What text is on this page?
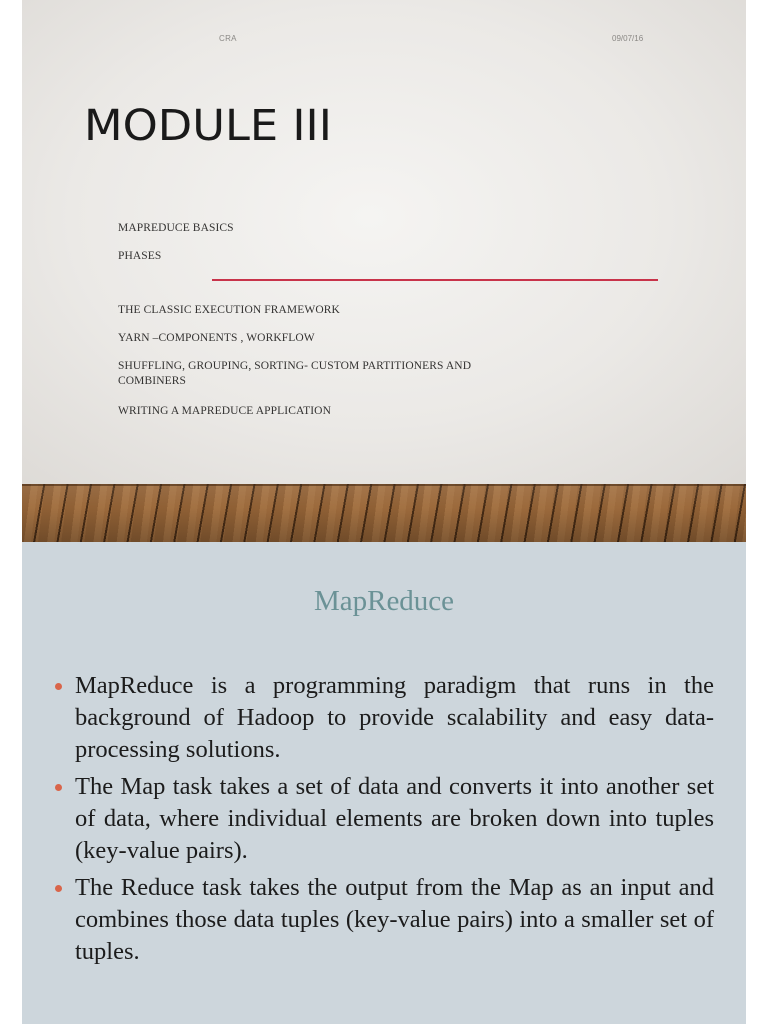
CRA	09/07/16
MODULE III

MAPREDUCE BASICS

PHASES

THE CLASSIC EXECUTION FRAMEWORK

YARN –COMPONENTS , WORKFLOW

SHUFFLING, GROUPING, SORTING- CUSTOM PARTITIONERS AND COMBINERS

WRITING A MAPREDUCE APPLICATION

MapReduce
MapReduce is a programming paradigm that runs in the background of Hadoop to provide scalability and easy data-processing solutions.
The Map task takes a set of data and converts it into another set of data, where individual elements are broken down into tuples (key-value pairs).
The Reduce task takes the output from the Map as an input and combines those data tuples (key-value pairs) into a smaller set of tuples.
